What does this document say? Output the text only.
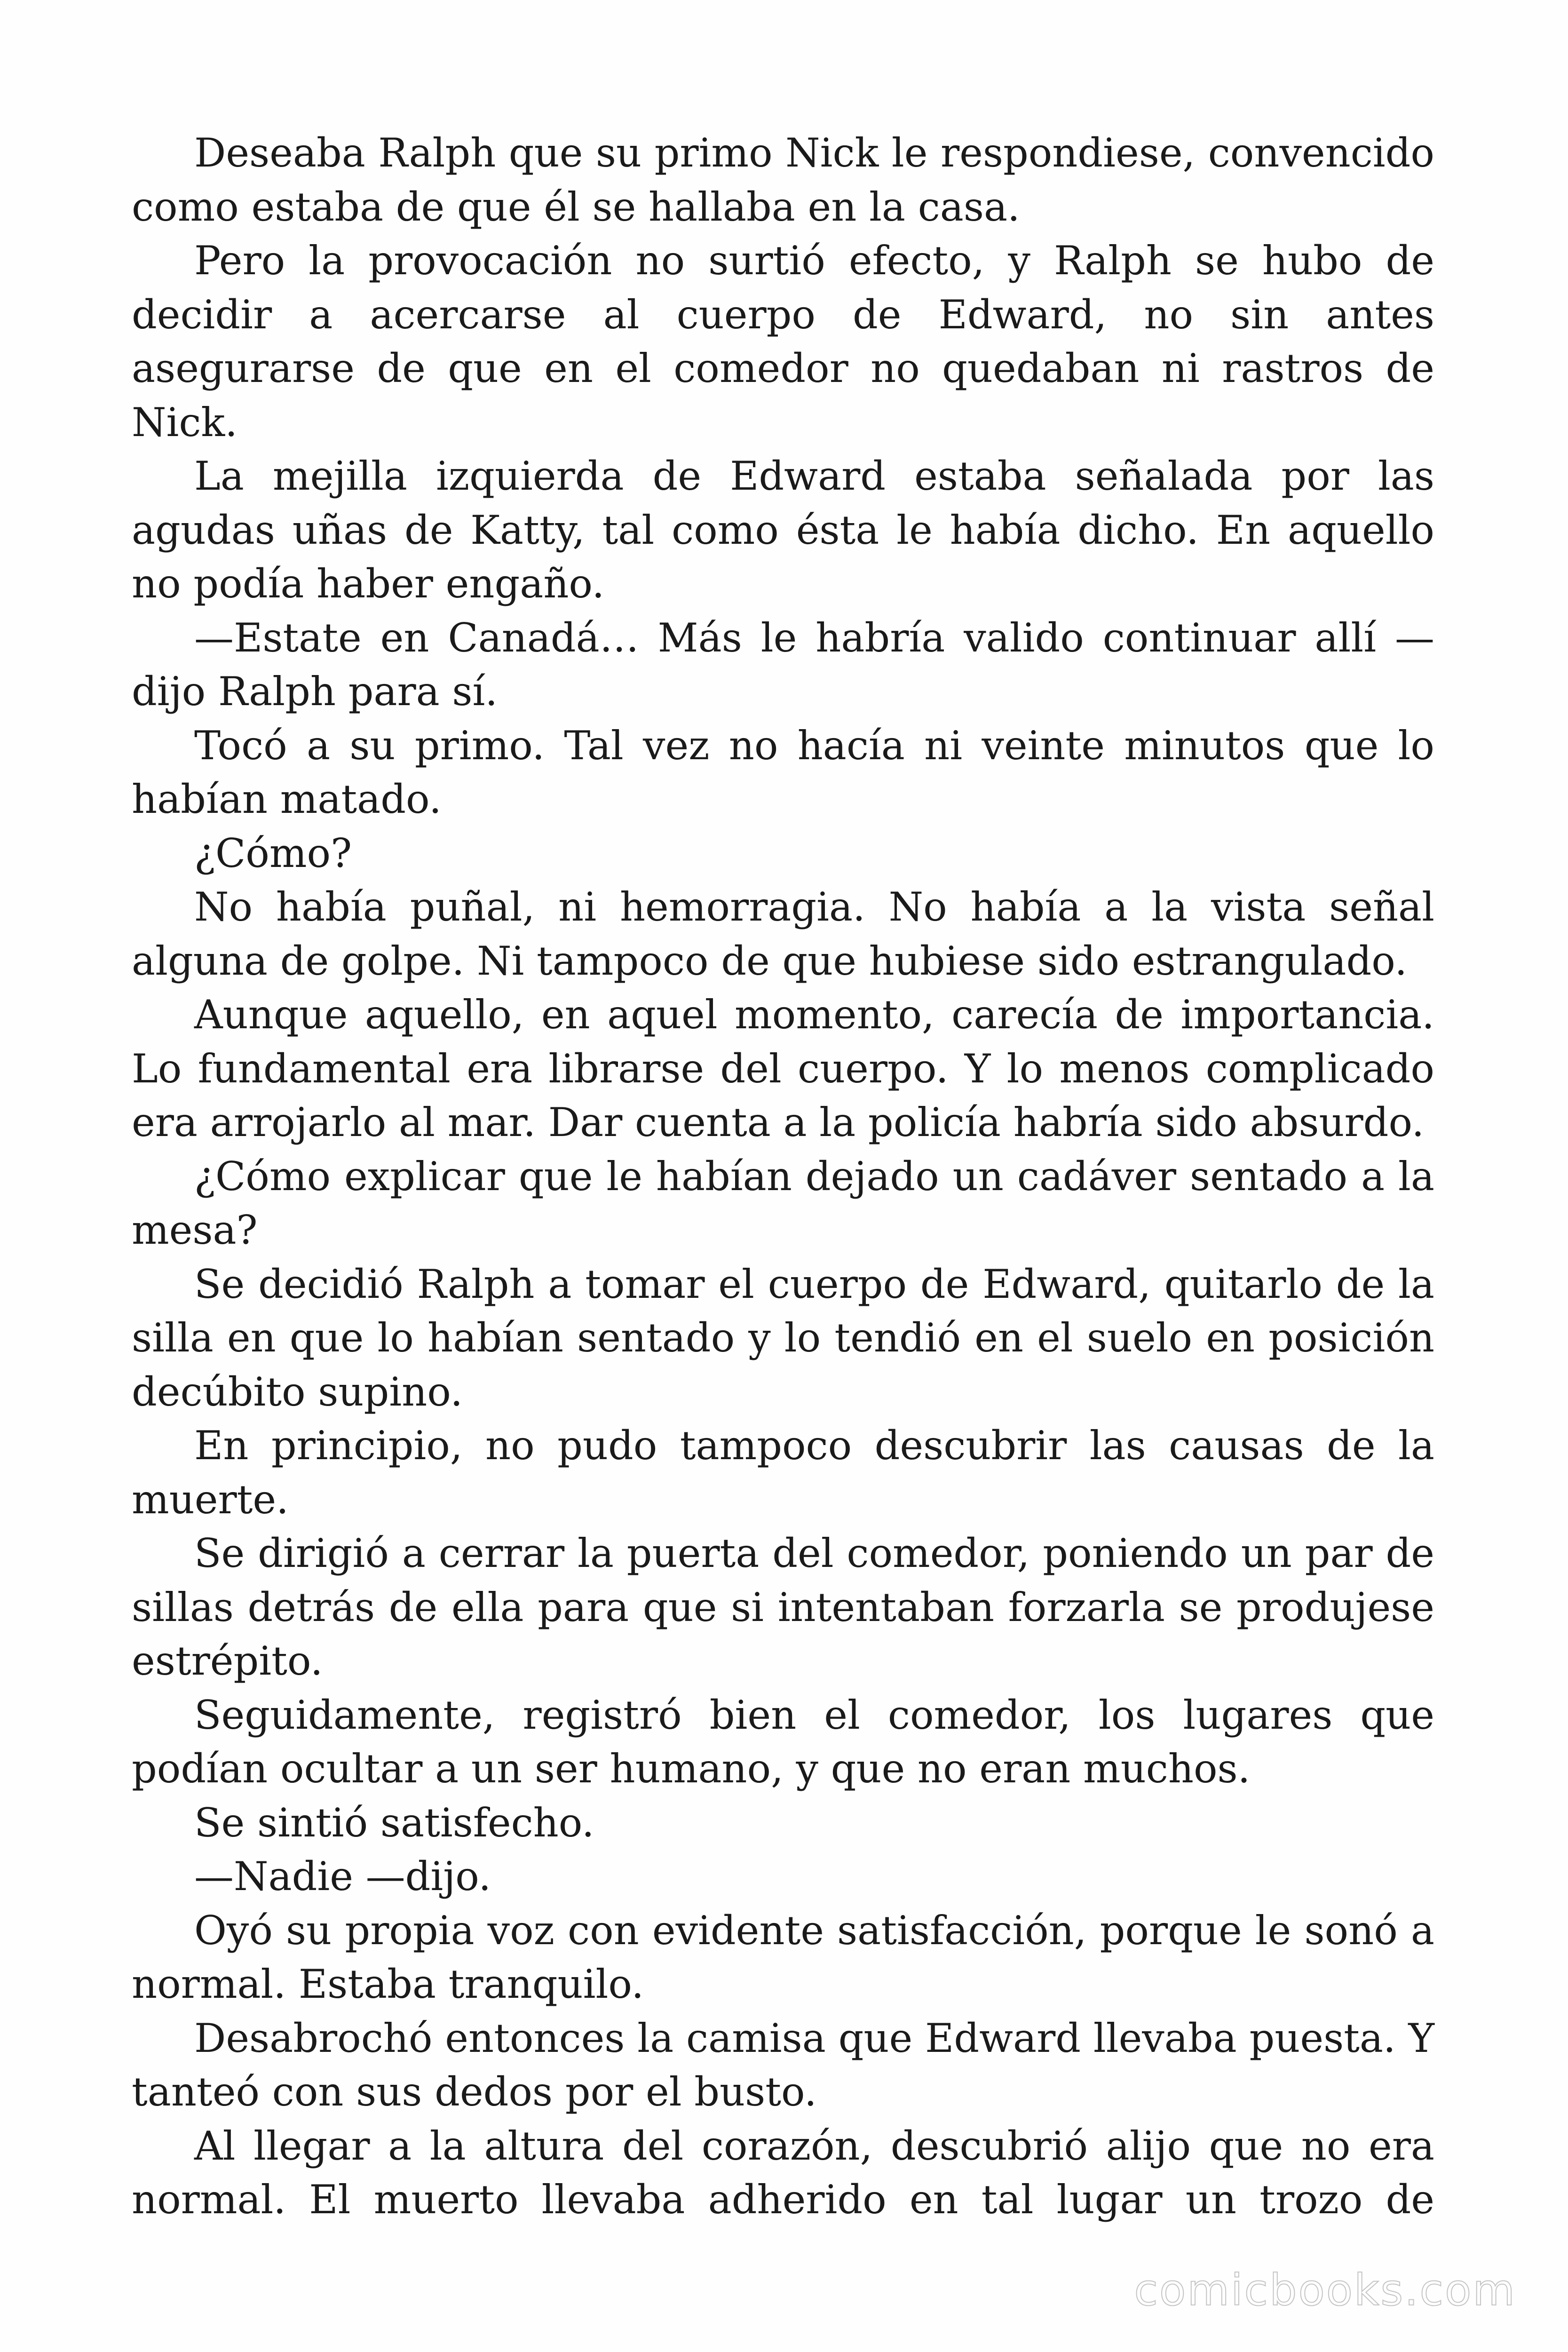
Deseaba Ralph que su primo Nick le respondiese, convencido como estaba de que él se hallaba en la casa.

Pero la provocación no surtió efecto, y Ralph se hubo de decidir a acercarse al cuerpo de Edward, no sin antes asegurarse de que en el comedor no quedaban ni rastros de Nick.

La mejilla izquierda de Edward estaba señalada por las agudas uñas de Katty, tal como ésta le había dicho. En aquello no podía haber engaño.

—Estate en Canadá… Más le habría valido continuar allí —dijo Ralph para sí.

Tocó a su primo. Tal vez no hacía ni veinte minutos que lo habían matado.

¿Cómo?

No había puñal, ni hemorragia. No había a la vista señal alguna de golpe. Ni tampoco de que hubiese sido estrangulado.

Aunque aquello, en aquel momento, carecía de importancia. Lo fundamental era librarse del cuerpo. Y lo menos complicado era arrojarlo al mar. Dar cuenta a la policía habría sido absurdo.

¿Cómo explicar que le habían dejado un cadáver sentado a la mesa?

Se decidió Ralph a tomar el cuerpo de Edward, quitarlo de la silla en que lo habían sentado y lo tendió en el suelo en posición decúbito supino.

En principio, no pudo tampoco descubrir las causas de la muerte.

Se dirigió a cerrar la puerta del comedor, poniendo un par de sillas detrás de ella para que si intentaban forzarla se produjese estrépito.

Seguidamente, registró bien el comedor, los lugares que podían ocultar a un ser humano, y que no eran muchos.

Se sintió satisfecho.

—Nadie —dijo.

Oyó su propia voz con evidente satisfacción, porque le sonó a normal. Estaba tranquilo.

Desabrochó entonces la camisa que Edward llevaba puesta. Y tanteó con sus dedos por el busto.

Al llegar a la altura del corazón, descubrió alijo que no era normal. El muerto llevaba adherido en tal lugar un trozo de

comicbooks.com
